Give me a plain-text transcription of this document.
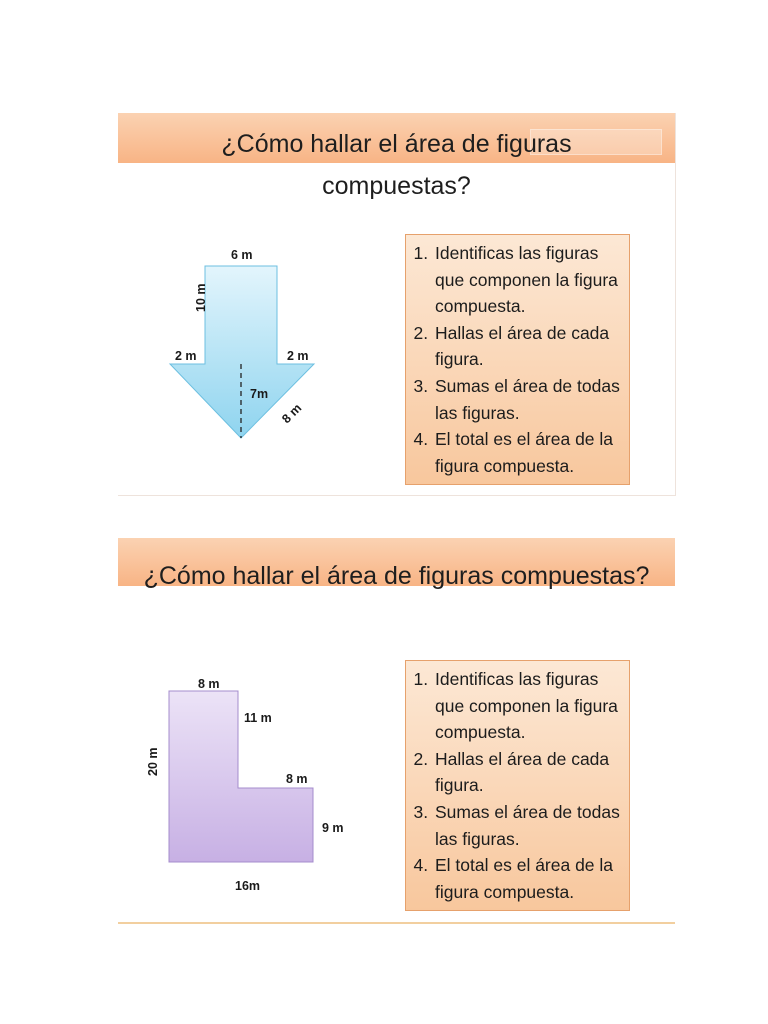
¿Cómo hallar el área de figuras
compuestas?
6 m
10 m
2 m	2 m
7m
8 m
1. Identificas las figuras que componen la figura compuesta.
2. Hallas el área de cada figura.
3. Sumas el área de todas las figuras.
4. El total es el área de la figura compuesta.
¿Cómo hallar el área de figuras compuestas?
8 m
11 m
20 m
8 m
9 m
16m
1. Identificas las figuras que componen la figura compuesta.
2. Hallas el área de cada figura.
3. Sumas el área de todas las figuras.
4. El total es el área de la figura compuesta.
